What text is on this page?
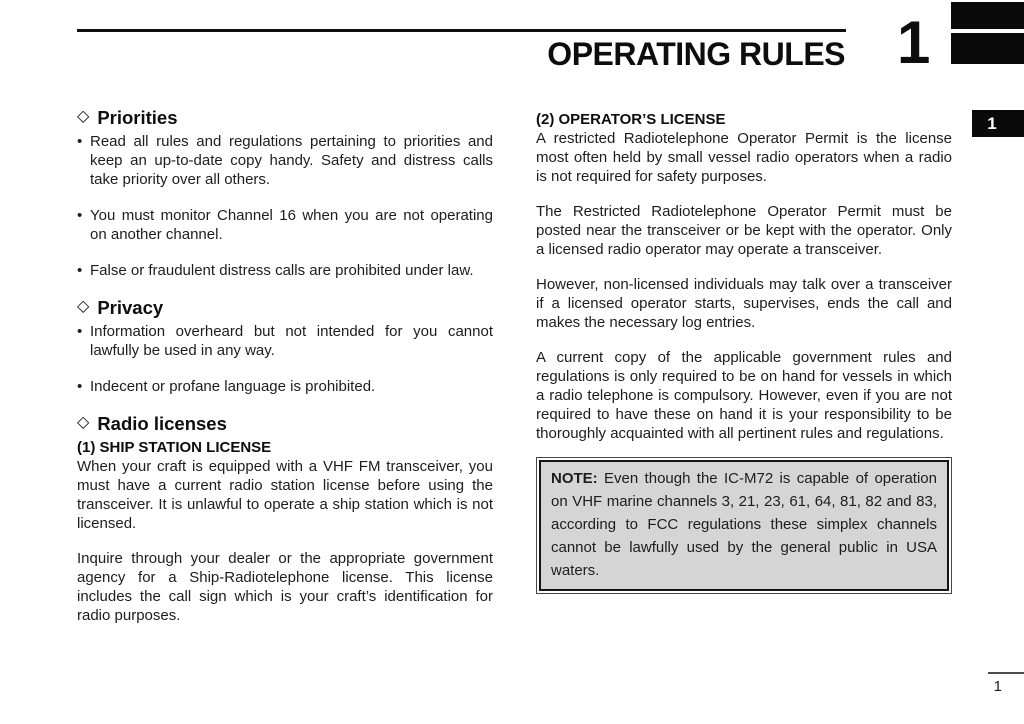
OPERATING RULES 1
1
◇ Priorities
• Read all rules and regulations pertaining to priorities and keep an up-to-date copy handy. Safety and distress calls take priority over all others.
• You must monitor Channel 16 when you are not operating on another channel.
• False or fraudulent distress calls are prohibited under law.
◇ Privacy
• Information overheard but not intended for you cannot lawfully be used in any way.
• Indecent or profane language is prohibited.
◇ Radio licenses
(1) SHIP STATION LICENSE

When your craft is equipped with a VHF FM transceiver, you must have a current radio station license before using the transceiver. It is unlawful to operate a ship station which is not licensed.

Inquire through your dealer or the appropriate government agency for a Ship-Radiotelephone license. This license includes the call sign which is your craft’s identification for radio purposes.

(2) OPERATOR’S LICENSE

A restricted Radiotelephone Operator Permit is the license most often held by small vessel radio operators when a radio is not required for safety purposes.

The Restricted Radiotelephone Operator Permit must be posted near the transceiver or be kept with the operator. Only a licensed radio operator may operate a transceiver.

However, non-licensed individuals may talk over a transceiver if a licensed operator starts, supervises, ends the call and makes the necessary log entries.

A current copy of the applicable government rules and regulations is only required to be on hand for vessels in which a radio telephone is compulsory. However, even if you are not required to have these on hand it is your responsibility to be thoroughly acquainted with all pertinent rules and regulations.

NOTE: Even though the IC-M72 is capable of operation on VHF marine channels 3, 21, 23, 61, 64, 81, 82 and 83, according to FCC regulations these simplex channels cannot be lawfully used by the general public in USA waters.
1
